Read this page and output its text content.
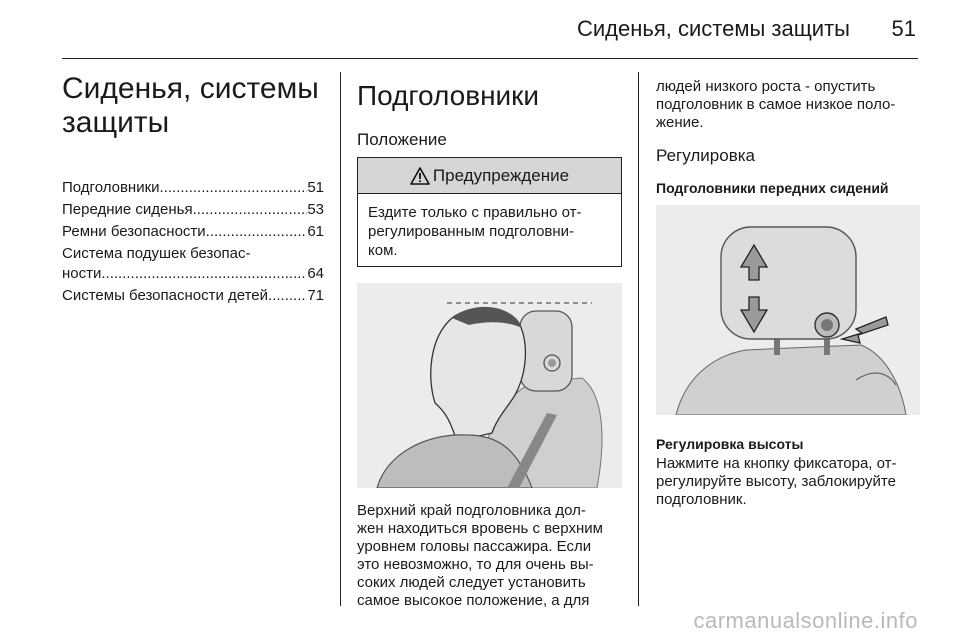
Сиденья, системы защиты 51
Сиденья, системы
защиты
Подголовники .....	51
Передние сиденья .....	53
Ремни безопасности .....	61
Система подушек безопас-
ности .....	64
Системы безопасности детей .....	71
Подголовники
Положение
Предупреждение
Ездите только с правильно от-
регулированным подголовни-
ком.
Верхний край подголовника дол-
жен находиться вровень с верхним
уровнем головы пассажира. Если
это невозможно, то для очень вы-
соких людей следует установить
самое высокое положение, а для
людей низкого роста - опустить
подголовник в самое низкое поло-
жение.
Регулировка
Подголовники передних сидений
Регулировка высоты
Нажмите на кнопку фиксатора, от-
регулируйте высоту, заблокируйте
подголовник.
carmanualsonline.info
